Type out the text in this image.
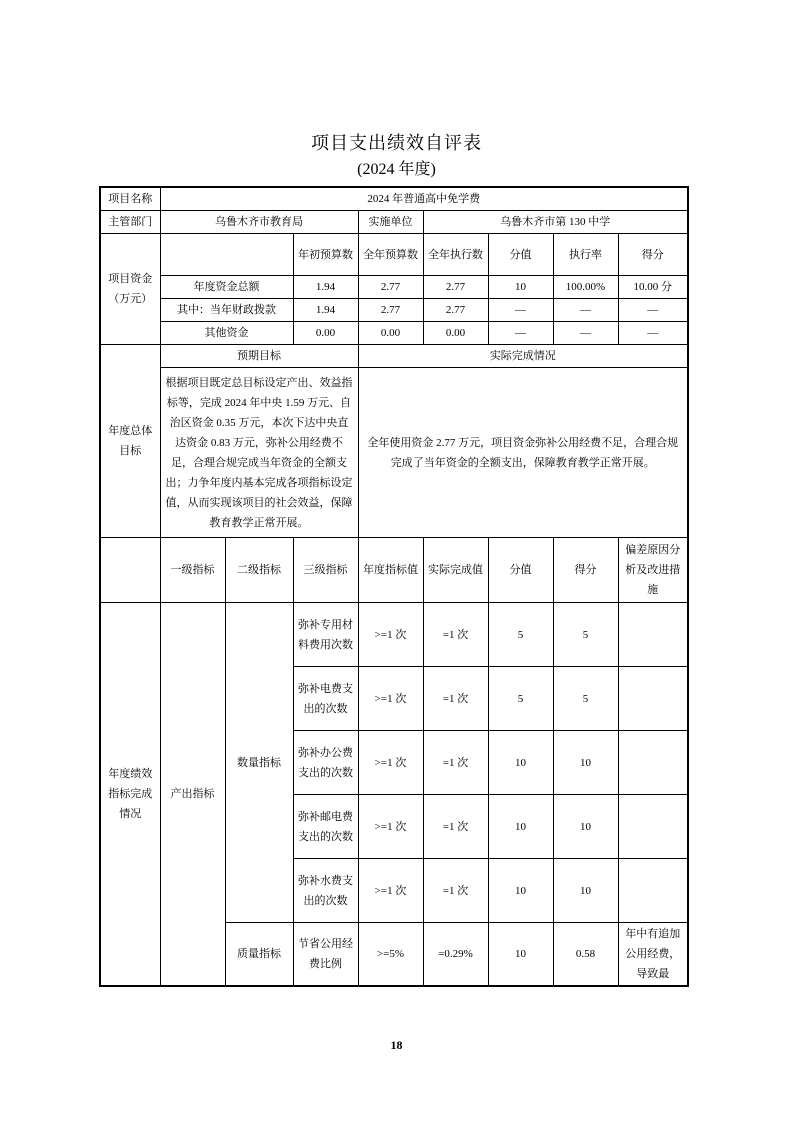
项目支出绩效自评表
(2024 年度)
项目名称	2024 年普通高中免学费							
主管部门	乌鲁木齐市教育局			实施单位	乌鲁木齐市第 130 中学			
项目资金（万元）			年初预算数	全年预算数	全年执行数	分值	执行率	得分
	年度资金总额		1.94	2.77	2.77	10	100.00%	10.00 分
	其中：当年财政拨款		1.94	2.77	2.77	—	—	—
	其他资金		0.00	0.00	0.00	—	—	—
年度总体目标	预期目标			实际完成情况				
	根据项目既定总目标设定产出、效益指标等，完成 2024 年中央 1.59 万元、自治区资金 0.35 万元，本次下达中央直达资金 0.83 万元，弥补公用经费不足，合理合规完成当年资金的全额支出；力争年度内基本完成各项指标设定值，从而实现该项目的社会效益，保障教育教学正常开展。			全年使用资金 2.77 万元，项目资金弥补公用经费不足，合理合规完成了当年资金的全额支出，保障教育教学正常开展。				
	一级指标	二级指标	三级指标	年度指标值	实际完成值	分值	得分	偏差原因分析及改进措施
年度绩效指标完成情况	产出指标	数量指标	弥补专用材料费用次数	>=1 次	=1 次	5	5	
			弥补电费支出的次数	>=1 次	=1 次	5	5	
			弥补办公费支出的次数	>=1 次	=1 次	10	10	
			弥补邮电费支出的次数	>=1 次	=1 次	10	10	
			弥补水费支出的次数	>=1 次	=1 次	10	10	
		质量指标	节省公用经费比例	>=5%	=0.29%	10	0.58	年中有追加公用经费，导致最
18
